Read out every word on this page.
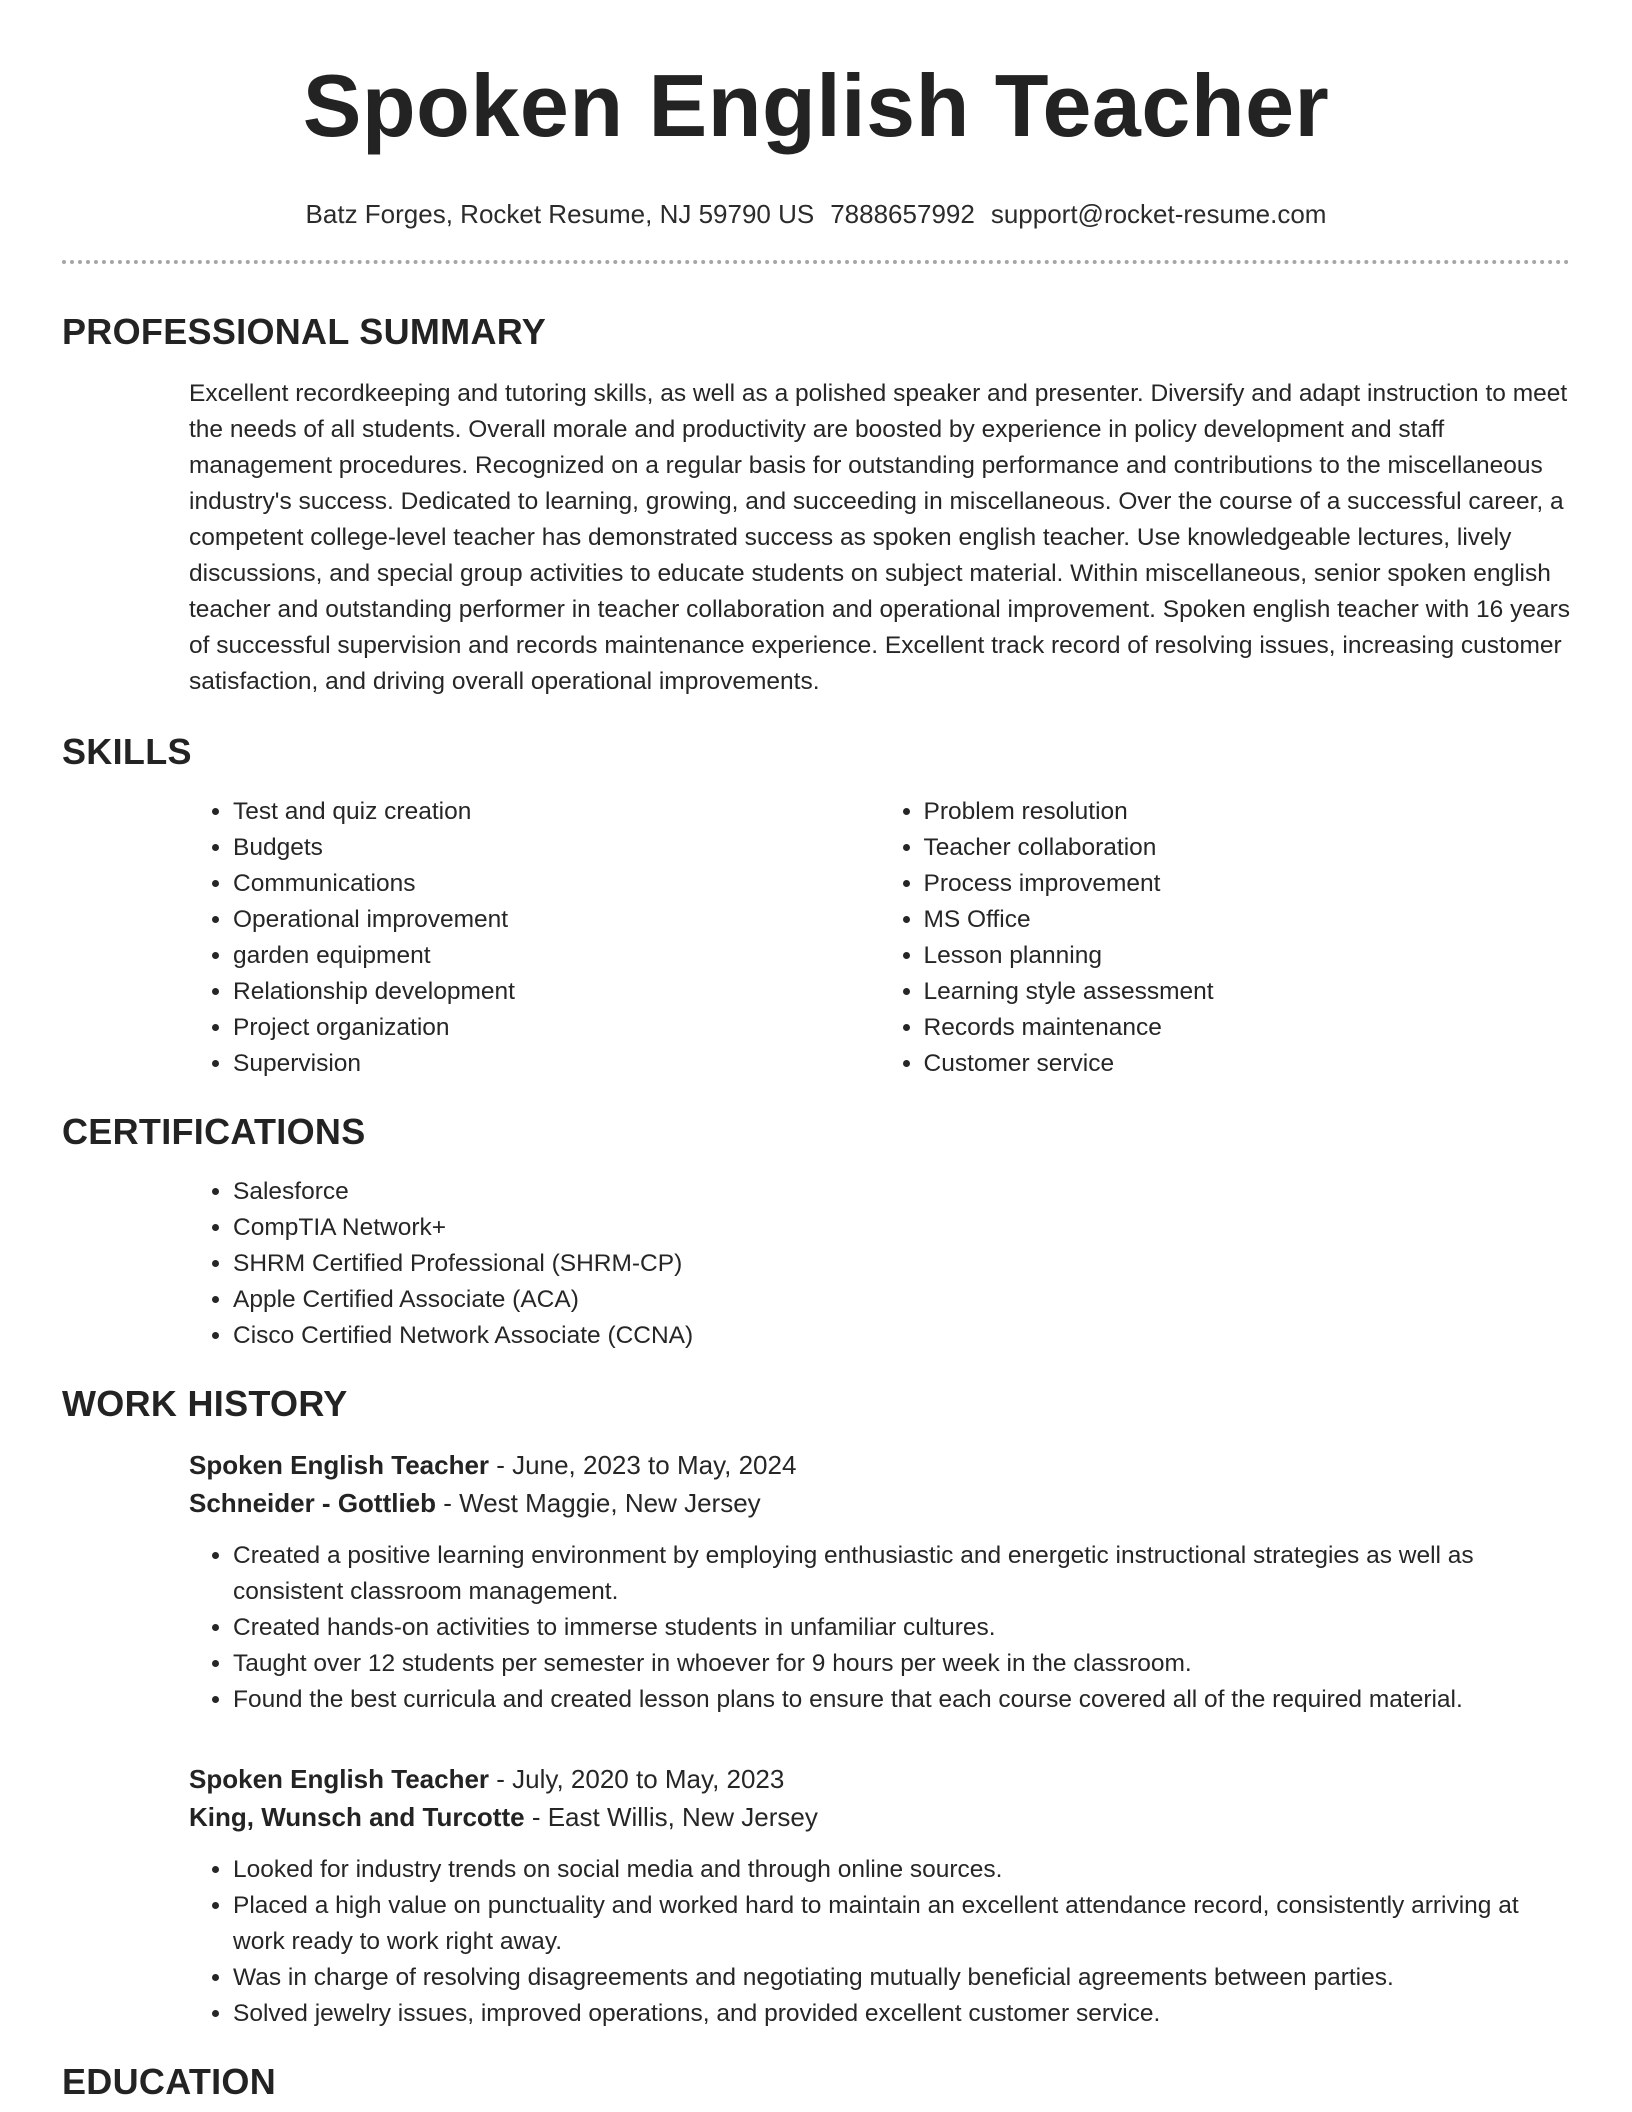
Spoken English Teacher
Batz Forges, Rocket Resume, NJ 59790 US 7888657992 support@rocket-resume.com
PROFESSIONAL SUMMARY
Excellent recordkeeping and tutoring skills, as well as a polished speaker and presenter. Diversify and adapt instruction to meet the needs of all students. Overall morale and productivity are boosted by experience in policy development and staff management procedures. Recognized on a regular basis for outstanding performance and contributions to the miscellaneous industry's success. Dedicated to learning, growing, and succeeding in miscellaneous. Over the course of a successful career, a competent college-level teacher has demonstrated success as spoken english teacher. Use knowledgeable lectures, lively discussions, and special group activities to educate students on subject material. Within miscellaneous, senior spoken english teacher and outstanding performer in teacher collaboration and operational improvement. Spoken english teacher with 16 years of successful supervision and records maintenance experience. Excellent track record of resolving issues, increasing customer satisfaction, and driving overall operational improvements.
SKILLS
• Test and quiz creation
• Budgets
• Communications
• Operational improvement
• garden equipment
• Relationship development
• Project organization
• Supervision
• Problem resolution
• Teacher collaboration
• Process improvement
• MS Office
• Lesson planning
• Learning style assessment
• Records maintenance
• Customer service
CERTIFICATIONS
• Salesforce
• CompTIA Network+
• SHRM Certified Professional (SHRM-CP)
• Apple Certified Associate (ACA)
• Cisco Certified Network Associate (CCNA)
WORK HISTORY
Spoken English Teacher - June, 2023 to May, 2024
Schneider - Gottlieb - West Maggie, New Jersey
• Created a positive learning environment by employing enthusiastic and energetic instructional strategies as well as consistent classroom management.
• Created hands-on activities to immerse students in unfamiliar cultures.
• Taught over 12 students per semester in whoever for 9 hours per week in the classroom.
• Found the best curricula and created lesson plans to ensure that each course covered all of the required material.
Spoken English Teacher - July, 2020 to May, 2023
King, Wunsch and Turcotte - East Willis, New Jersey
• Looked for industry trends on social media and through online sources.
• Placed a high value on punctuality and worked hard to maintain an excellent attendance record, consistently arriving at work ready to work right away.
• Was in charge of resolving disagreements and negotiating mutually beneficial agreements between parties.
• Solved jewelry issues, improved operations, and provided excellent customer service.
EDUCATION
